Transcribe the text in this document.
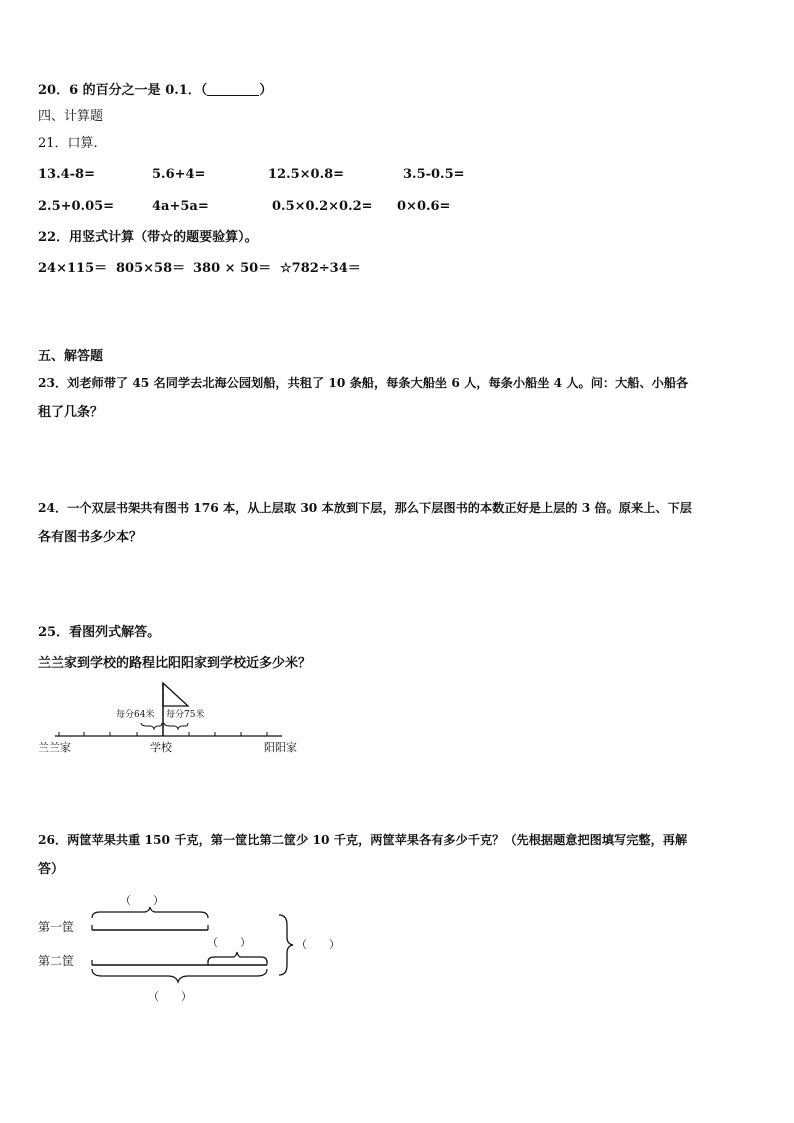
20．6 的百分之一是 0.1．（	）
四、计算题
21．口算.
13.4-8=	5.6+4=	12.5×0.8=	3.5-0.5=
2.5+0.05=	4a+5a=	0.5×0.2×0.2= 0×0.6=
22．用竖式计算（带☆的题要验算）。
24×115＝ 805×58＝ 380 × 50＝ ☆782÷34＝
五、解答题
23．刘老师带了 45 名同学去北海公园划船，共租了 10 条船，每条大船坐 6 人，每条小船坐 4 人。问：大船、小船各
租了几条？
24．一个双层书架共有图书 176 本，从上层取 30 本放到下层，那么下层图书的本数正好是上层的 3 倍。原来上、下层
各有图书多少本？
25．看图列式解答。
兰兰家到学校的路程比阳阳家到学校近多少米？
每分64米 每分75米
兰兰家	学校	阳阳家
26．两筐苹果共重 150 千克，第一筐比第二筐少 10 千克，两筐苹果各有多少千克？（先根据题意把图填写完整，再解
答）
（　　）
第一筐
（　　）
第二筐
（　　）
（　　）
